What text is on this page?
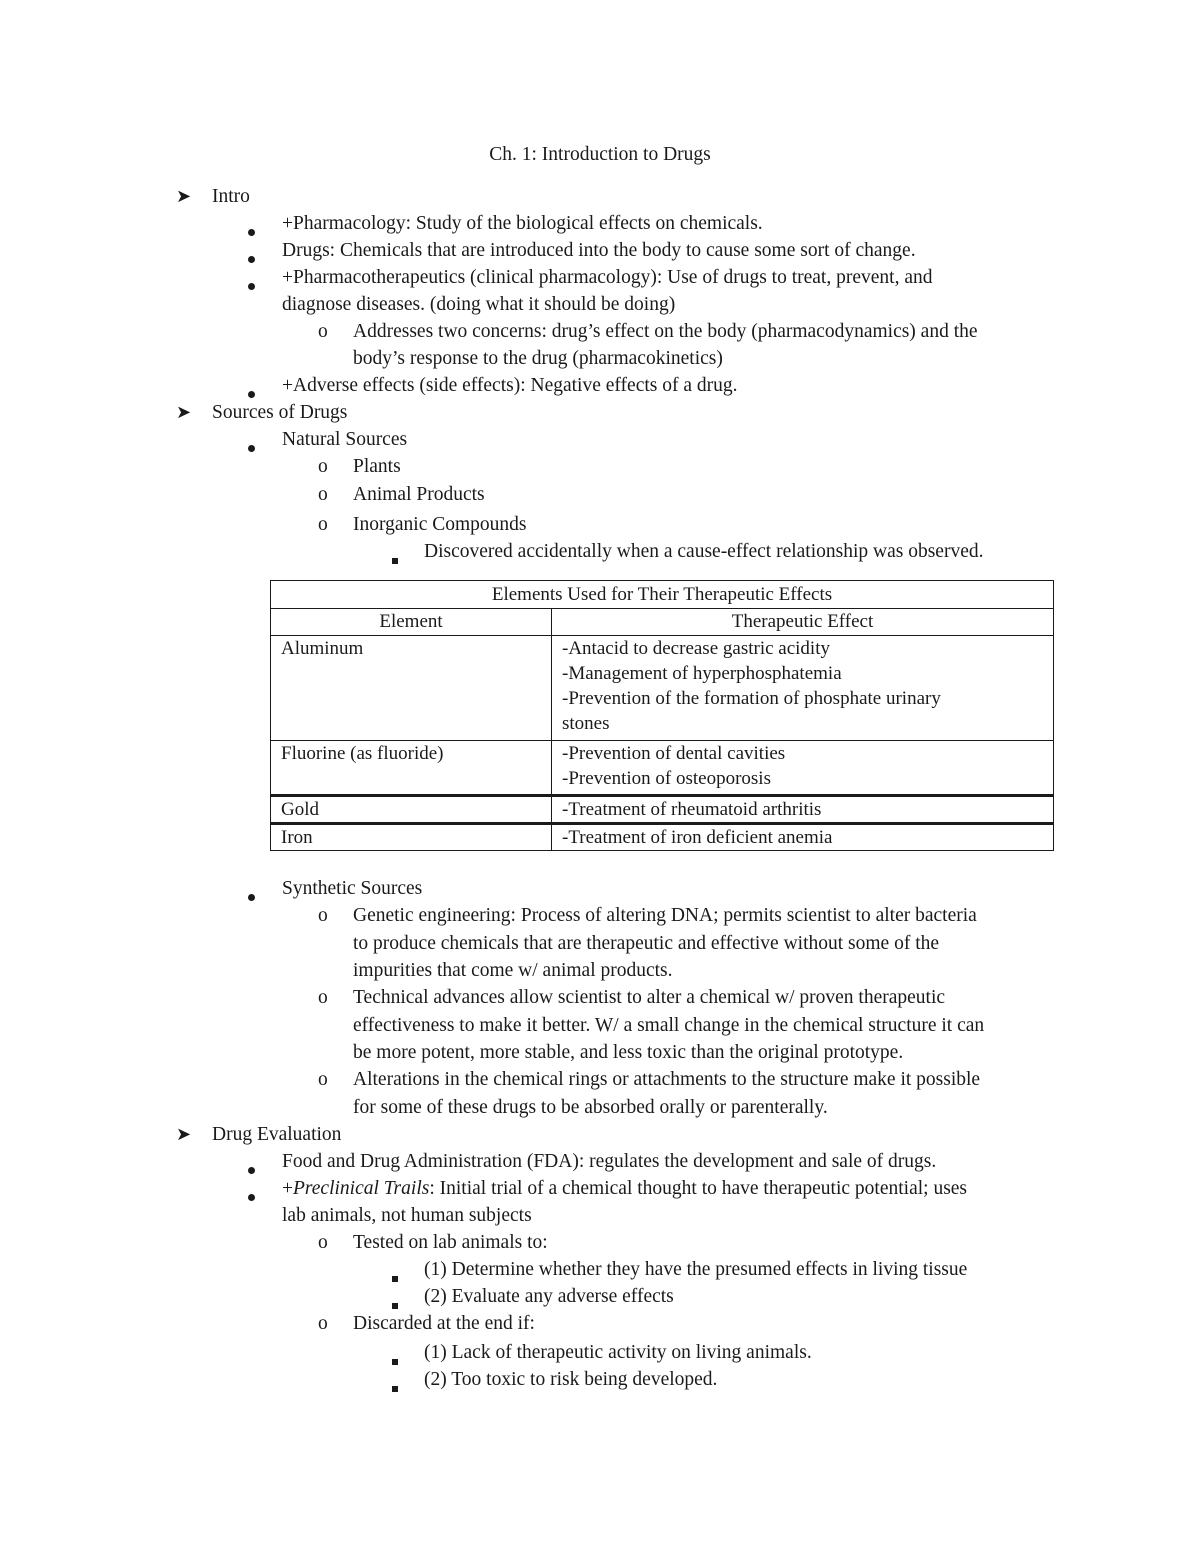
Ch. 1: Introduction to Drugs
➤ Intro
+Pharmacology: Study of the biological effects on chemicals.
Drugs: Chemicals that are introduced into the body to cause some sort of change.
+Pharmacotherapeutics (clinical pharmacology): Use of drugs to treat, prevent, and
diagnose diseases. (doing what it should be doing)
o Addresses two concerns: drug’s effect on the body (pharmacodynamics) and the
body’s response to the drug (pharmacokinetics)
+Adverse effects (side effects): Negative effects of a drug.
➤ Sources of Drugs
Natural Sources
o Plants
o Animal Products
o Inorganic Compounds
Discovered accidentally when a cause-effect relationship was observed.
Elements Used for Their Therapeutic Effects	
Element	Therapeutic Effect
Aluminum	-Antacid to decrease gastric acidity
-Management of hyperphosphatemia
-Prevention of the formation of phosphate urinary
stones

Fluorine (as fluoride)	-Prevention of dental cavities
-Prevention of osteoporosis

Gold	-Treatment of rheumatoid arthritis

Iron	-Treatment of iron deficient anemia
Synthetic Sources
o Genetic engineering: Process of altering DNA; permits scientist to alter bacteria
to produce chemicals that are therapeutic and effective without some of the
impurities that come w/ animal products.
o Technical advances allow scientist to alter a chemical w/ proven therapeutic
effectiveness to make it better. W/ a small change in the chemical structure it can
be more potent, more stable, and less toxic than the original prototype.
o Alterations in the chemical rings or attachments to the structure make it possible
for some of these drugs to be absorbed orally or parenterally.
➤ Drug Evaluation
Food and Drug Administration (FDA): regulates the development and sale of drugs.
+Preclinical Trails: Initial trial of a chemical thought to have therapeutic potential; uses
lab animals, not human subjects
o Tested on lab animals to:
(1) Determine whether they have the presumed effects in living tissue
(2) Evaluate any adverse effects
o Discarded at the end if:
(1) Lack of therapeutic activity on living animals.
(2) Too toxic to risk being developed.
